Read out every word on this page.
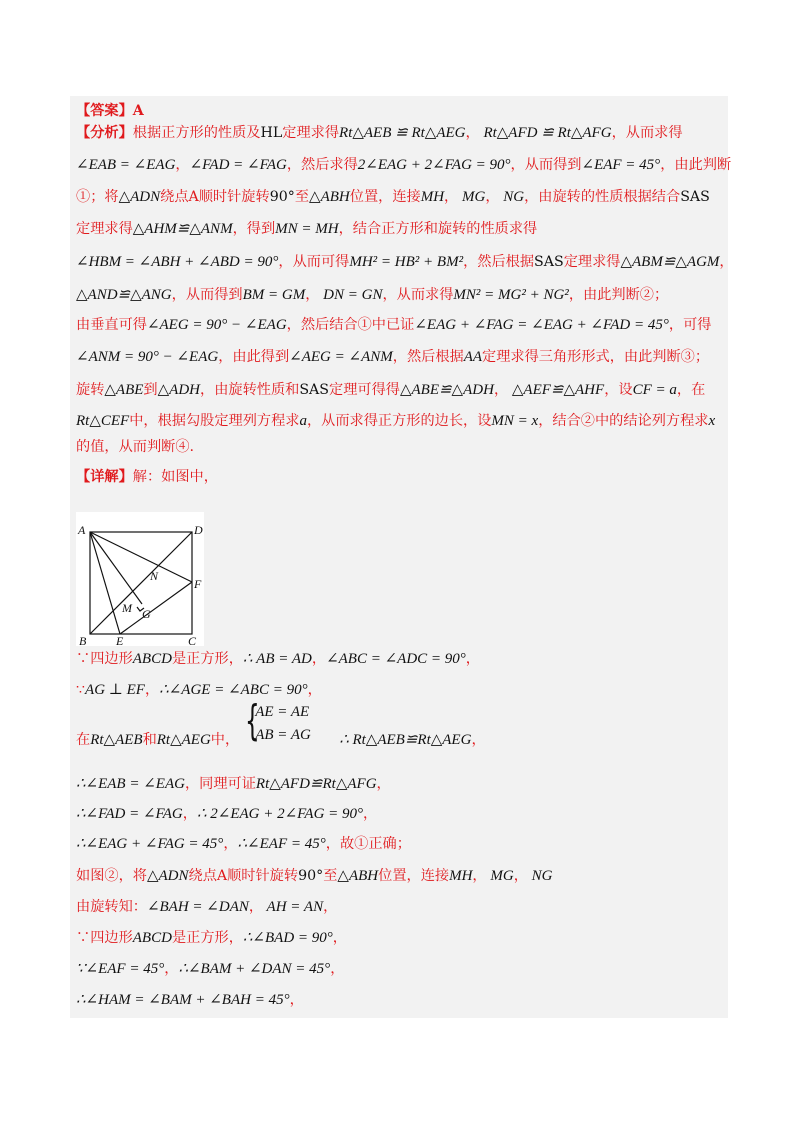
【答案】A
【分析】根据正方形的性质及HL定理求得Rt△AEB ≌ Rt△AEG， Rt△AFD ≌ Rt△AFG，从而求得
∠EAB = ∠EAG，∠FAD = ∠FAG，然后求得2∠EAG + 2∠FAG = 90°，从而得到∠EAF = 45°，由此判断
①；将△ADN绕点A顺时针旋转90°至△ABH位置，连接MH， MG， NG，由旋转的性质根据结合SAS
定理求得△AHM≌△ANM，得到MN = MH，结合正方形和旋转的性质求得
∠HBM = ∠ABH + ∠ABD = 90°，从而可得MH² = HB² + BM²，然后根据SAS定理求得△ABM≌△AGM，
△AND≌△ANG，从而得到BM = GM， DN = GN，从而求得MN² = MG² + NG²，由此判断②；
由垂直可得∠AEG = 90° − ∠EAG，然后结合①中已证∠EAG + ∠FAG = ∠EAG + ∠FAD = 45°，可得
∠ANM = 90° − ∠EAG，由此得到∠AEG = ∠ANM，然后根据AA定理求得三角形形式，由此判断③；
旋转△ABE到△ADH，由旋转性质和SAS定理可得得△ABE≌△ADH， △AEF≌△AHF，设CF = a，在
Rt△CEF中，根据勾股定理列方程求a，从而求得正方形的边长，设MN = x，结合②中的结论列方程求x
的值，从而判断④.
【详解】解：如图中，
∵四边形ABCD是正方形，∴ AB = AD，∠ABC = ∠ADC = 90°，
∵AG ⊥ EF，∴∠AGE = ∠ABC = 90°，
在Rt△AEB和Rt△AEG中， {
AE = AE
AB = AG ∴ Rt△AEB≌Rt△AEG，
∴∠EAB = ∠EAG，同理可证Rt△AFD≌Rt△AFG，
∴∠FAD = ∠FAG，∴ 2∠EAG + 2∠FAG = 90°，
∴∠EAG + ∠FAG = 45°，∴∠EAF = 45°，故①正确；
如图②，将△ADN绕点A顺时针旋转90°至△ABH位置，连接MH， MG， NG
由旋转知：∠BAH = ∠DAN， AH = AN，
∵四边形ABCD是正方形，∴∠BAD = 90°，
∵∠EAF = 45°，∴∠BAM + ∠DAN = 45°，
∴∠HAM = ∠BAM + ∠BAH = 45°，
A	D
F
B E	C
G
M
N
